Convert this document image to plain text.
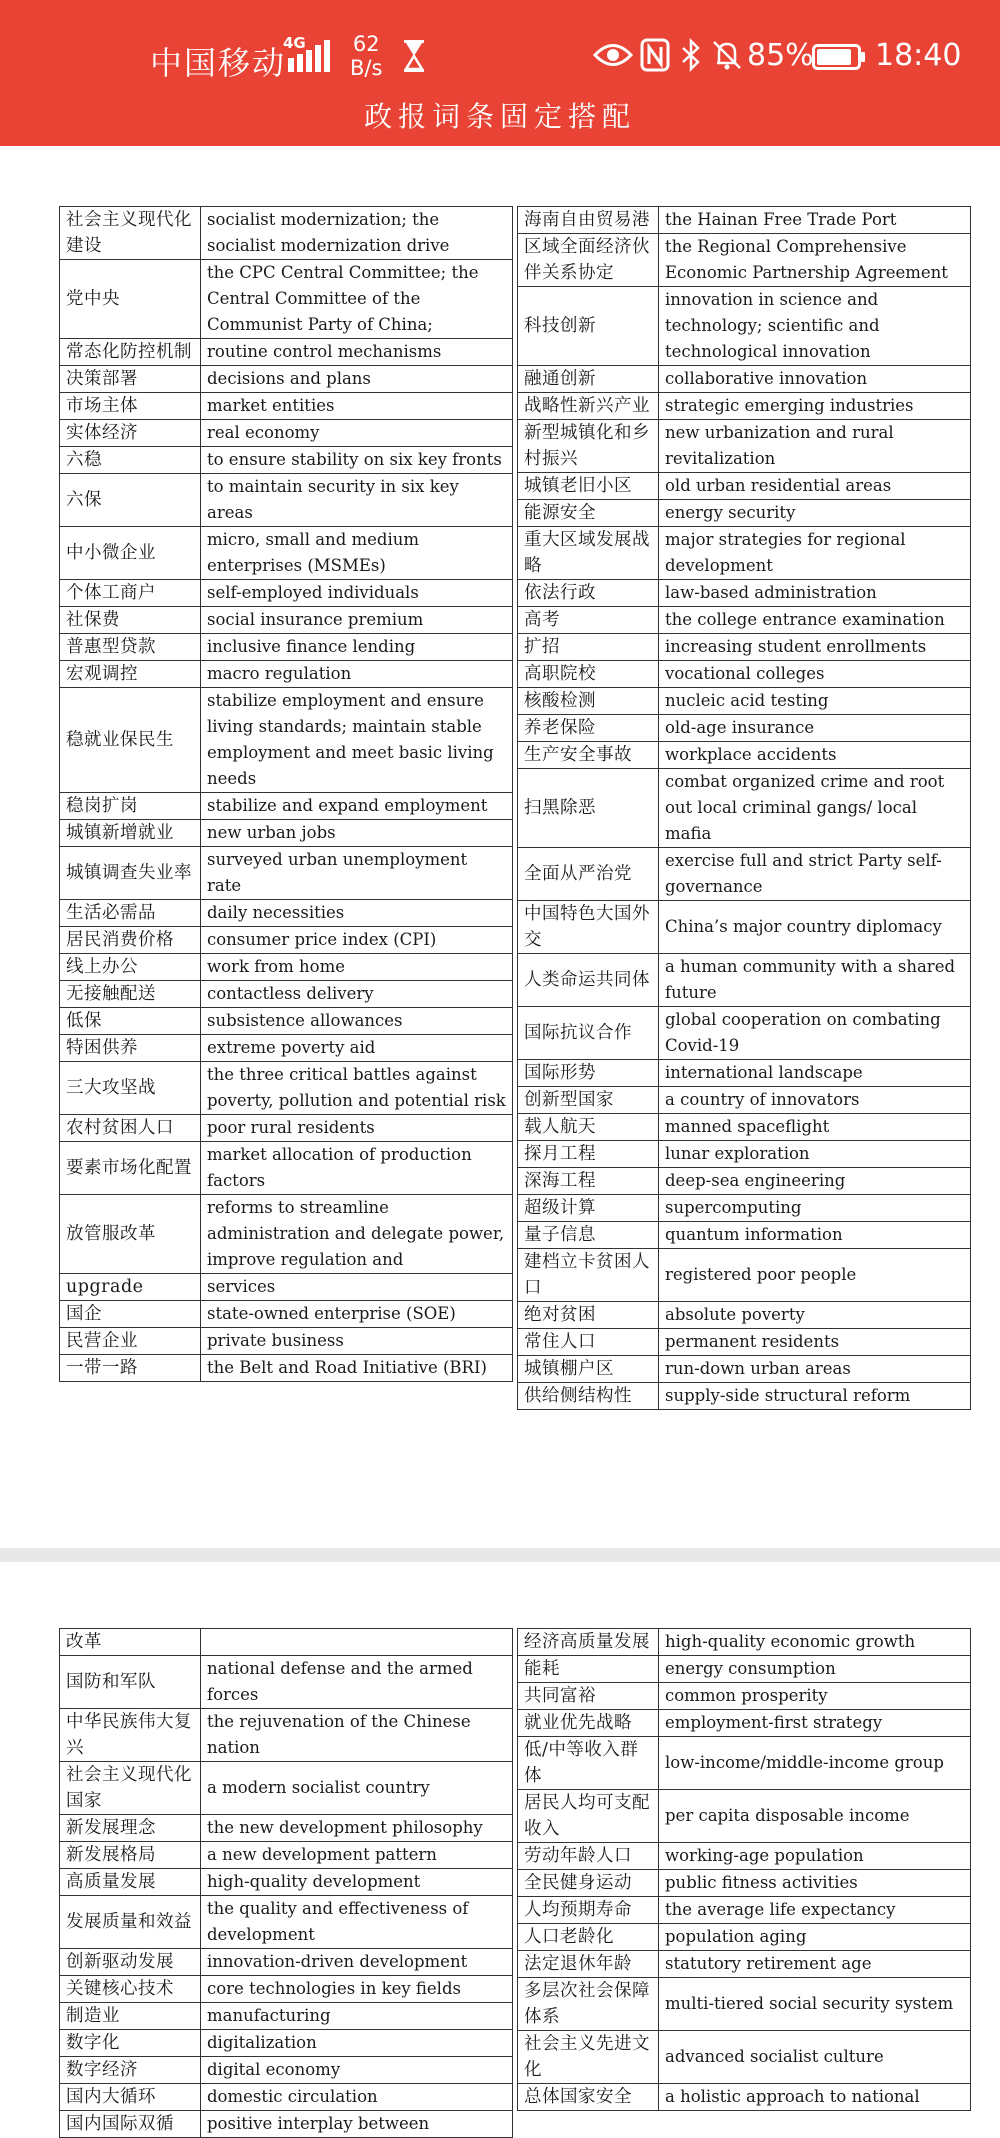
中国移动
4G 62
B/s	85% 18:40
政报词条固定搭配
社会主义现代化建设	socialist modernization; the socialist modernization drive
党中央	the CPC Central Committee; the Central Committee of the Communist Party of China;
常态化防控机制	routine control mechanisms
决策部署	decisions and plans
市场主体	market entities
实体经济	real economy
六稳	to ensure stability on six key fronts
六保	to maintain security in six key areas
中小微企业	micro, small and medium enterprises (MSMEs)
个体工商户	self-employed individuals
社保费	social insurance premium
普惠型贷款	inclusive finance lending
宏观调控	macro regulation
稳就业保民生	stabilize employment and ensure living standards; maintain stable employment and meet basic living needs
稳岗扩岗	stabilize and expand employment
城镇新增就业	new urban jobs
城镇调查失业率	surveyed urban unemployment rate
生活必需品	daily necessities
居民消费价格	consumer price index (CPI)
线上办公	work from home
无接触配送	contactless delivery
低保	subsistence allowances
特困供养	extreme poverty aid
三大攻坚战	the three critical battles against poverty, pollution and potential risk
农村贫困人口	poor rural residents
要素市场化配置	market allocation of production factors
放管服改革	reforms to streamline administration and delegate power, improve regulation and
upgrade	services
国企	state-owned enterprise (SOE)
民营企业	private business
一带一路	the Belt and Road Initiative (BRI)
海南自由贸易港	the Hainan Free Trade Port
区域全面经济伙伴关系协定	the Regional Comprehensive Economic Partnership Agreement
科技创新	innovation in science and technology; scientific and technological innovation
融通创新	collaborative innovation
战略性新兴产业	strategic emerging industries
新型城镇化和乡村振兴	new urbanization and rural revitalization
城镇老旧小区	old urban residential areas
能源安全	energy security
重大区域发展战略	major strategies for regional development
依法行政	law-based administration
高考	the college entrance examination
扩招	increasing student enrollments
高职院校	vocational colleges
核酸检测	nucleic acid testing
养老保险	old-age insurance
生产安全事故	workplace accidents
扫黑除恶	combat organized crime and root out local criminal gangs/ local mafia
全面从严治党	exercise full and strict Party self-governance
中国特色大国外交	China’s major country diplomacy
人类命运共同体	a human community with a shared future
国际抗议合作	global cooperation on combating Covid-19
国际形势	international landscape
创新型国家	a country of innovators
载人航天	manned spaceflight
探月工程	lunar exploration
深海工程	deep-sea engineering
超级计算	supercomputing
量子信息	quantum information
建档立卡贫困人口	registered poor people
绝对贫困	absolute poverty
常住人口	permanent residents
城镇棚户区	run-down urban areas
供给侧结构性	supply-side structural reform
改革	
国防和军队	national defense and the armed forces
中华民族伟大复兴	the rejuvenation of the Chinese nation
社会主义现代化国家	a modern socialist country
新发展理念	the new development philosophy
新发展格局	a new development pattern
高质量发展	high-quality development
发展质量和效益	the quality and effectiveness of development
创新驱动发展	innovation-driven development
关键核心技术	core technologies in key fields
制造业	manufacturing
数字化	digitalization
数字经济	digital economy
国内大循环	domestic circulation
国内国际双循	positive interplay between
经济高质量发展	high-quality economic growth
能耗	energy consumption
共同富裕	common prosperity
就业优先战略	employment-first strategy
低/中等收入群体	low-income/middle-income group
居民人均可支配收入	per capita disposable income
劳动年龄人口	working-age population
全民健身运动	public fitness activities
人均预期寿命	the average life expectancy
人口老龄化	population aging
法定退休年龄	statutory retirement age
多层次社会保障体系	multi-tiered social security system
社会主义先进文化	advanced socialist culture
总体国家安全	a holistic approach to national
